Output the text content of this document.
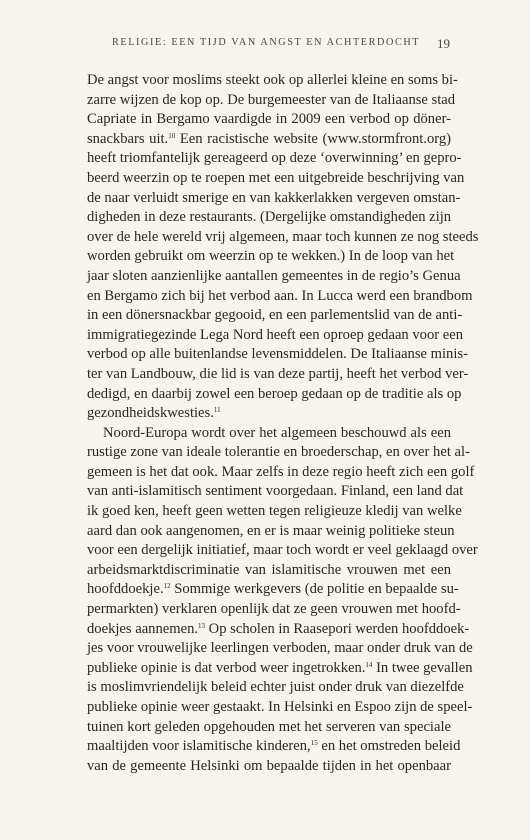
RELIGIE: EEN TIJD VAN ANGST EN ACHTERDOCHT 19
De angst voor moslims steekt ook op allerlei kleine en soms bi-
zarre wijzen de kop op. De burgemeester van de Italiaanse stad
Capriate in Bergamo vaardigde in 2009 een verbod op döner-
snackbars uit.$^{10}$ Een racistische website (www.stormfront.org)
heeft triomfantelijk gereageerd op deze ‘overwinning’ en gepro-
beerd weerzin op te roepen met een uitgebreide beschrijving van
de naar verluidt smerige en van kakkerlakken vergeven omstan-
digheden in deze restaurants. (Dergelijke omstandigheden zijn
over de hele wereld vrij algemeen, maar toch kunnen ze nog steeds
worden gebruikt om weerzin op te wekken.) In de loop van het
jaar sloten aanzienlijke aantallen gemeentes in de regio’s Genua
en Bergamo zich bij het verbod aan. In Lucca werd een brandbom
in een dönersnackbar gegooid, en een parlementslid van de anti-
immigratiegezinde Lega Nord heeft een oproep gedaan voor een
verbod op alle buitenlandse levensmiddelen. De Italiaanse minis-
ter van Landbouw, die lid is van deze partij, heeft het verbod ver-
dedigd, en daarbij zowel een beroep gedaan op de traditie als op
gezondheidskwesties.$^{11}$
Noord-Europa wordt over het algemeen beschouwd als een
rustige zone van ideale tolerantie en broederschap, en over het al-
gemeen is het dat ook. Maar zelfs in deze regio heeft zich een golf
van anti-islamitisch sentiment voorgedaan. Finland, een land dat
ik goed ken, heeft geen wetten tegen religieuze kledij van welke
aard dan ook aangenomen, en er is maar weinig politieke steun
voor een dergelijk initiatief, maar toch wordt er veel geklaagd over
arbeidsmarktdiscriminatie van islamitische vrouwen met een
hoofddoekje.$^{12}$ Sommige werkgevers (de politie en bepaalde su-
permarkten) verklaren openlijk dat ze geen vrouwen met hoofd-
doekjes aannemen.$^{13}$ Op scholen in Raasepori werden hoofddoek-
jes voor vrouwelijke leerlingen verboden, maar onder druk van de
publieke opinie is dat verbod weer ingetrokken.$^{14}$ In twee gevallen
is moslimvriendelijk beleid echter juist onder druk van diezelfde
publieke opinie weer gestaakt. In Helsinki en Espoo zijn de speel-
tuinen kort geleden opgehouden met het serveren van speciale
maaltijden voor islamitische kinderen,$^{15}$ en het omstreden beleid
van de gemeente Helsinki om bepaalde tijden in het openbaar
